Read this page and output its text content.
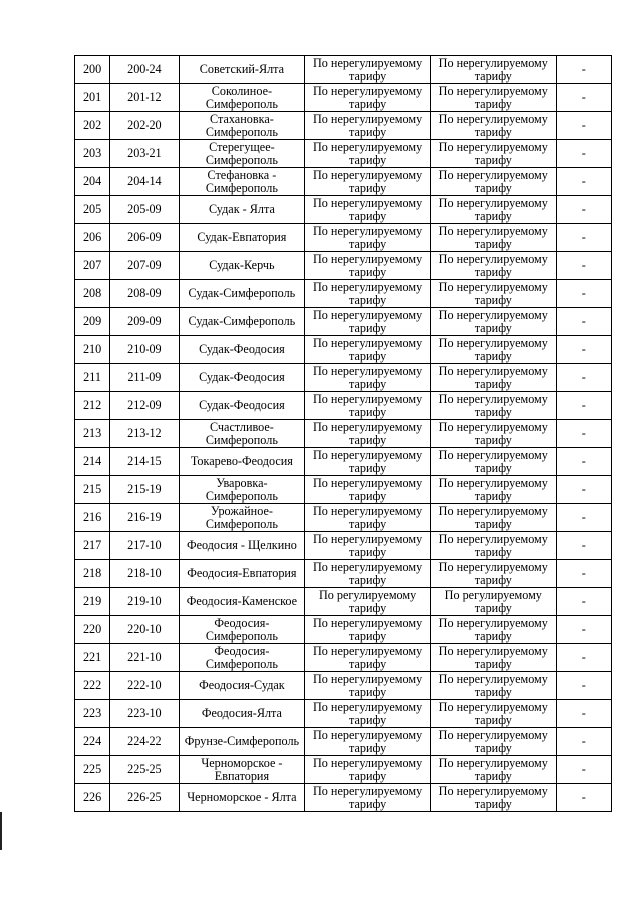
200	200-24	Советский-Ялта	По нерегулируемому тарифу	По нерегулируемому тарифу	-
201	201-12	Соколиное-Симферополь	По нерегулируемому тарифу	По нерегулируемому тарифу	-
202	202-20	Стахановка-Симферополь	По нерегулируемому тарифу	По нерегулируемому тарифу	-
203	203-21	Стерегущее-Симферополь	По нерегулируемому тарифу	По нерегулируемому тарифу	-
204	204-14	Стефановка - Симферополь	По нерегулируемому тарифу	По нерегулируемому тарифу	-
205	205-09	Судак - Ялта	По нерегулируемому тарифу	По нерегулируемому тарифу	-
206	206-09	Судак-Евпатория	По нерегулируемому тарифу	По нерегулируемому тарифу	-
207	207-09	Судак-Керчь	По нерегулируемому тарифу	По нерегулируемому тарифу	-
208	208-09	Судак-Симферополь	По нерегулируемому тарифу	По нерегулируемому тарифу	-
209	209-09	Судак-Симферополь	По нерегулируемому тарифу	По нерегулируемому тарифу	-
210	210-09	Судак-Феодосия	По нерегулируемому тарифу	По нерегулируемому тарифу	-
211	211-09	Судак-Феодосия	По нерегулируемому тарифу	По нерегулируемому тарифу	-
212	212-09	Судак-Феодосия	По нерегулируемому тарифу	По нерегулируемому тарифу	-
213	213-12	Счастливое-Симферополь	По нерегулируемому тарифу	По нерегулируемому тарифу	-
214	214-15	Токарево-Феодосия	По нерегулируемому тарифу	По нерегулируемому тарифу	-
215	215-19	Уваровка-Симферополь	По нерегулируемому тарифу	По нерегулируемому тарифу	-
216	216-19	Урожайное-Симферополь	По нерегулируемому тарифу	По нерегулируемому тарифу	-
217	217-10	Феодосия - Щелкино	По нерегулируемому тарифу	По нерегулируемому тарифу	-
218	218-10	Феодосия-Евпатория	По нерегулируемому тарифу	По нерегулируемому тарифу	-
219	219-10	Феодосия-Каменское	По регулируемому тарифу	По регулируемому тарифу	-
220	220-10	Феодосия-Симферополь	По нерегулируемому тарифу	По нерегулируемому тарифу	-
221	221-10	Феодосия-Симферополь	По нерегулируемому тарифу	По нерегулируемому тарифу	-
222	222-10	Феодосия-Судак	По нерегулируемому тарифу	По нерегулируемому тарифу	-
223	223-10	Феодосия-Ялта	По нерегулируемому тарифу	По нерегулируемому тарифу	-
224	224-22	Фрунзе-Симферополь	По нерегулируемому тарифу	По нерегулируемому тарифу	-
225	225-25	Черноморское - Евпатория	По нерегулируемому тарифу	По нерегулируемому тарифу	-
226	226-25	Черноморское - Ялта	По нерегулируемому тарифу	По нерегулируемому тарифу	-
